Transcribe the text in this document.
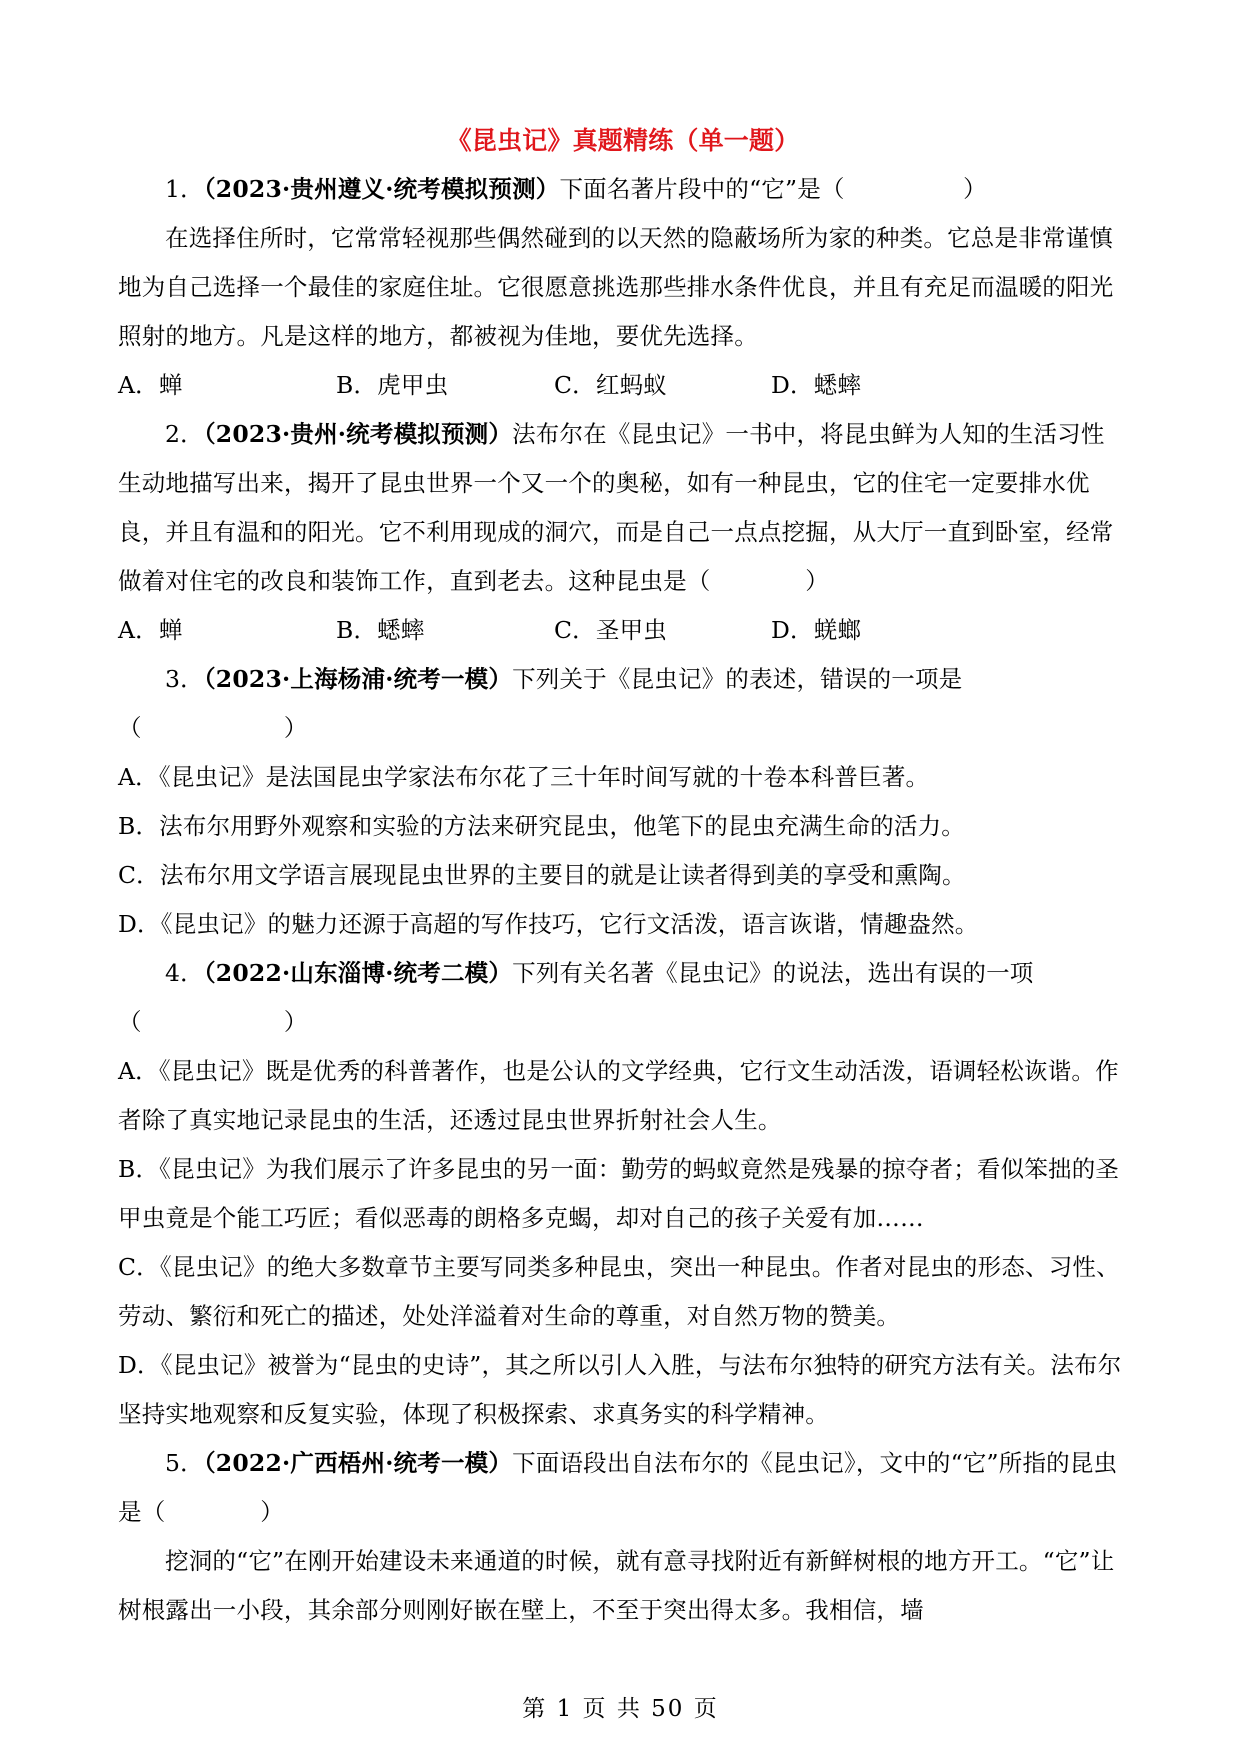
《昆虫记》真题精练（单一题）
1．（2023·贵州遵义·统考模拟预测）下面名著片段中的“它”是（　　　　　）
在选择住所时，它常常轻视那些偶然碰到的以天然的隐蔽场所为家的种类。它总是非常谨慎地为自己选择一个最佳的家庭住址。它很愿意挑选那些排水条件优良，并且有充足而温暖的阳光照射的地方。凡是这样的地方，都被视为佳地，要优先选择。
A．蝉	B．虎甲虫	C．红蚂蚁	D．蟋蟀
2．（2023·贵州·统考模拟预测）法布尔在《昆虫记》一书中，将昆虫鲜为人知的生活习性生动地描写出来，揭开了昆虫世界一个又一个的奥秘，如有一种昆虫，它的住宅一定要排水优良，并且有温和的阳光。它不利用现成的洞穴，而是自己一点点挖掘，从大厅一直到卧室，经常做着对住宅的改良和装饰工作，直到老去。这种昆虫是（　　　　）
A．蝉	B．蟋蟀	C．圣甲虫	D．蜣螂
3．（2023·上海杨浦·统考一模）下列关于《昆虫记》的表述，错误的一项是（　　　　　　）
A．《昆虫记》是法国昆虫学家法布尔花了三十年时间写就的十卷本科普巨著。
B．法布尔用野外观察和实验的方法来研究昆虫，他笔下的昆虫充满生命的活力。
C．法布尔用文学语言展现昆虫世界的主要目的就是让读者得到美的享受和熏陶。
D．《昆虫记》的魅力还源于高超的写作技巧，它行文活泼，语言诙谐，情趣盎然。
4．（2022·山东淄博·统考二模）下列有关名著《昆虫记》的说法，选出有误的一项（　　　　　　）
A．《昆虫记》既是优秀的科普著作，也是公认的文学经典，它行文生动活泼，语调轻松诙谐。作者除了真实地记录昆虫的生活，还透过昆虫世界折射社会人生。
B．《昆虫记》为我们展示了许多昆虫的另一面：勤劳的蚂蚁竟然是残暴的掠夺者；看似笨拙的圣甲虫竟是个能工巧匠；看似恶毒的朗格多克蝎，却对自己的孩子关爱有加……
C．《昆虫记》的绝大多数章节主要写同类多种昆虫，突出一种昆虫。作者对昆虫的形态、习性、劳动、繁衍和死亡的描述，处处洋溢着对生命的尊重，对自然万物的赞美。
D．《昆虫记》被誉为“昆虫的史诗”，其之所以引人入胜，与法布尔独特的研究方法有关。法布尔坚持实地观察和反复实验，体现了积极探索、求真务实的科学精神。
5．（2022·广西梧州·统考一模）下面语段出自法布尔的《昆虫记》，文中的“它”所指的昆虫是（　　　　）
挖洞的“它”在刚开始建设未来通道的时候，就有意寻找附近有新鲜树根的地方开工。“它”让树根露出一小段，其余部分则刚好嵌在壁上，不至于突出得太多。我相信，墙
第 1 页 共 50 页
